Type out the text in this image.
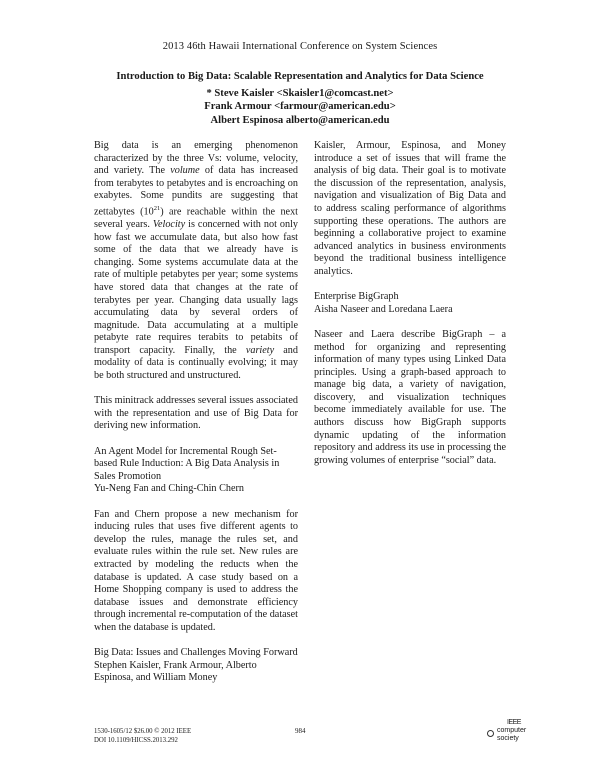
2013 46th Hawaii International Conference on System Sciences
Introduction to Big Data: Scalable Representation and Analytics for Data Science
* Steve Kaisler <Skaisler1@comcast.net>
Frank Armour <farmour@american.edu>
Albert Espinosa alberto@american.edu

Big data is an emerging phenomenon characterized by the three Vs: volume, velocity, and variety. The volume of data has increased from terabytes to petabytes and is encroaching on exabytes. Some pundits are suggesting that zettabytes $(10^{21})$ are reachable within the next several years. Velocity is concerned with not only how fast we accumulate data, but also how fast some of the data that we already have is changing. Some systems accumulate data at the rate of multiple petabytes per year; some systems have stored data that changes at the rate of terabytes per year. Changing data usually lags accumulating data by several orders of magnitude. Data accumulating at a multiple petabyte rate requires terabits to petabits of transport capacity. Finally, the variety and modality of data is continually evolving; it may be both structured and unstructured.

This minitrack addresses several issues associated with the representation and use of Big Data for deriving new information.

An Agent Model for Incremental Rough Set-based Rule Induction: A Big Data Analysis in Sales Promotion
Yu-Neng Fan and Ching-Chin Chern

Fan and Chern propose a new mechanism for inducing rules that uses five different agents to develop the rules, manage the rules set, and evaluate rules within the rule set. New rules are extracted by modeling the reducts when the database is updated. A case study based on a Home Shopping company is used to address the database issues and demonstrate efficiency through incremental re-computation of the dataset when the database is updated.

Big Data: Issues and Challenges Moving Forward
Stephen Kaisler, Frank Armour, Alberto Espinosa, and William Money

Kaisler, Armour, Espinosa, and Money introduce a set of issues that will frame the analysis of big data. Their goal is to motivate the discussion of the representation, analysis, navigation and visualization of Big Data and to address scaling performance of algorithms supporting these operations. The authors are beginning a collaborative project to examine advanced analytics in business environments beyond the traditional business intelligence analytics.

Enterprise BigGraph
Aisha Naseer and Loredana Laera

Naseer and Laera describe BigGraph – a method for organizing and representing information of many types using Linked Data principles. Using a graph-based approach to manage big data, a variety of navigation, discovery, and visualization techniques become immediately available for use. The authors discuss how BigGraph supports dynamic updating of the information repository and address its use in processing the growing volumes of enterprise “social” data.

1530-1605/12 $26.00 © 2012 IEEE
DOI 10.1109/HICSS.2013.292
984
IEEE
computer
society
